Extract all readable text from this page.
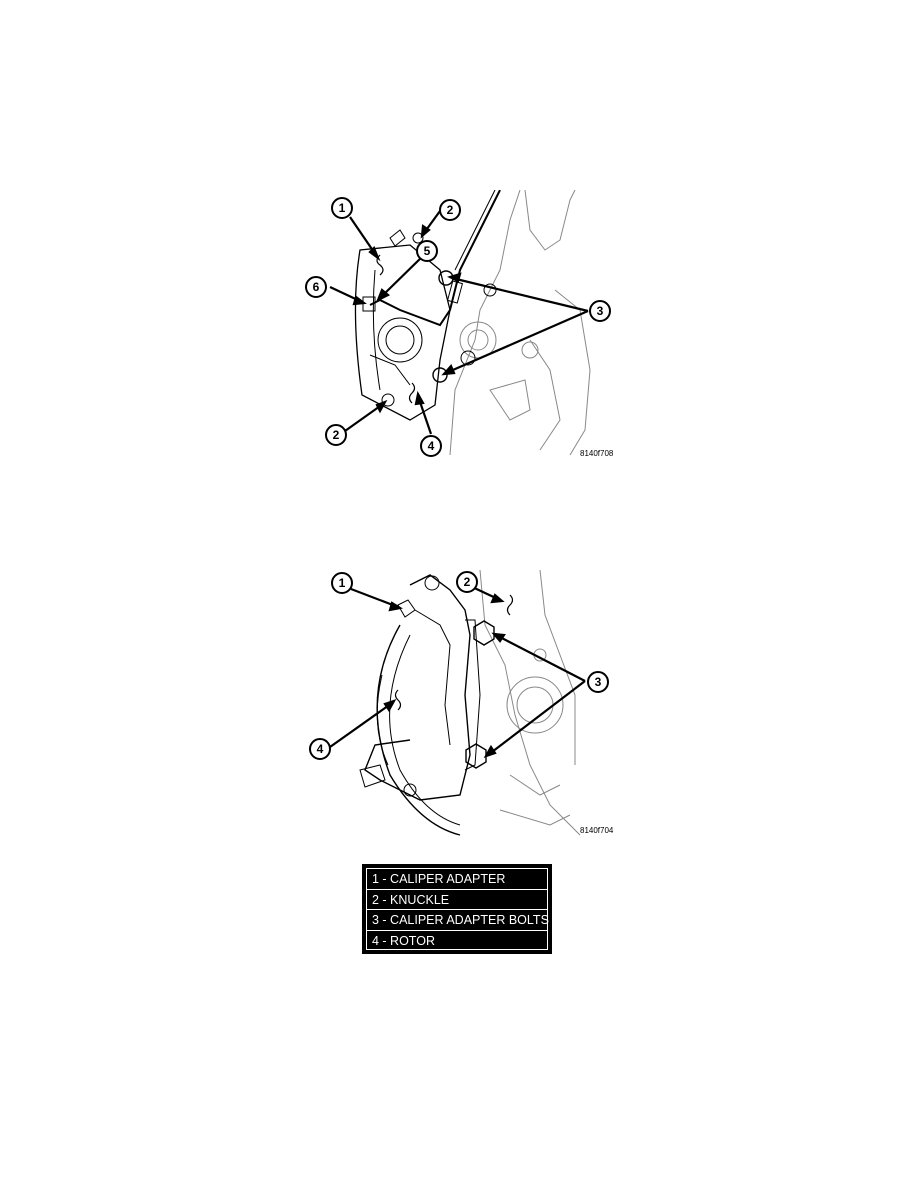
1	2
5
6
3
2
4
8140f708
1	2
3
4
8140f704
1 - CALIPER ADAPTER
2 - KNUCKLE
3 - CALIPER ADAPTER BOLTS
4 - ROTOR
